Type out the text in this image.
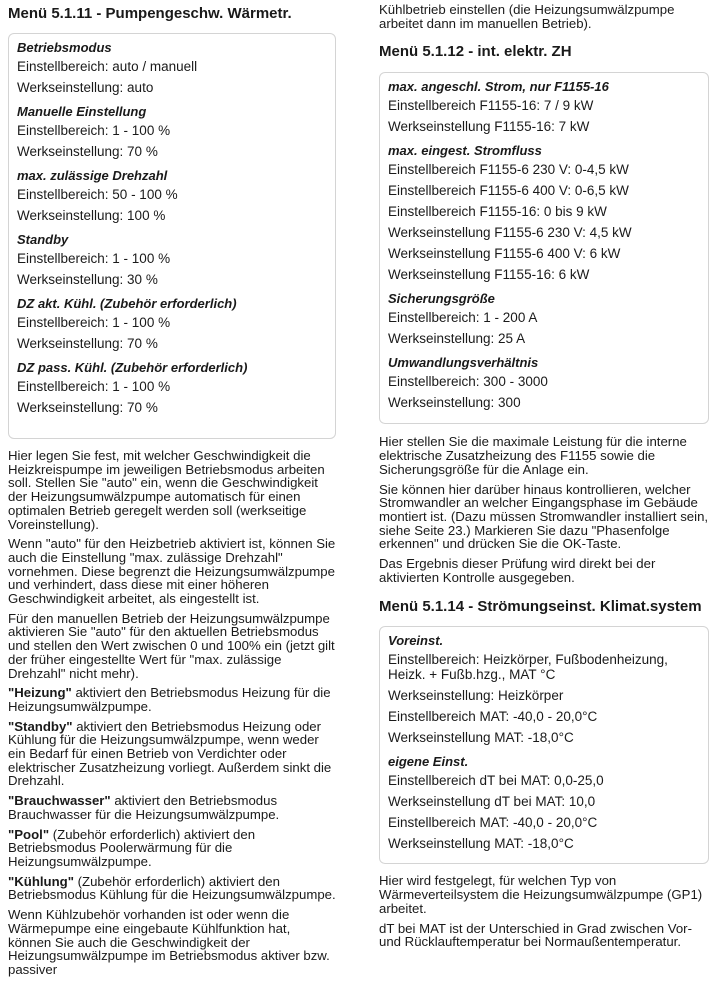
Menü 5.1.11 - Pumpengeschw. Wärmetr.
Betriebsmodus
Einstellbereich: auto / manuell
Werkseinstellung: auto
Manuelle Einstellung
Einstellbereich: 1 - 100 %
Werkseinstellung: 70 %
max. zulässige Drehzahl
Einstellbereich: 50 - 100 %
Werkseinstellung: 100 %
Standby
Einstellbereich: 1 - 100 %
Werkseinstellung: 30 %
DZ akt. Kühl. (Zubehör erforderlich)
Einstellbereich: 1 - 100 %
Werkseinstellung: 70 %
DZ pass. Kühl. (Zubehör erforderlich)
Einstellbereich: 1 - 100 %
Werkseinstellung: 70 %

Hier legen Sie fest, mit welcher Geschwindigkeit die Heizkreispumpe im jeweiligen Betriebsmodus arbeiten soll. Stellen Sie "auto" ein, wenn die Geschwindigkeit der Heizungsumwälzpumpe automatisch für einen optimalen Betrieb geregelt werden soll (werkseitige Voreinstellung).

Wenn "auto" für den Heizbetrieb aktiviert ist, können Sie auch die Einstellung "max. zulässige Drehzahl" vornehmen. Diese begrenzt die Heizungsumwälzpumpe und verhindert, dass diese mit einer höheren Geschwindigkeit arbeitet, als eingestellt ist.

Für den manuellen Betrieb der Heizungsumwälzpumpe aktivieren Sie "auto" für den aktuellen Betriebsmodus und stellen den Wert zwischen 0 und 100% ein (jetzt gilt der früher eingestellte Wert für "max. zulässige Drehzahl" nicht mehr).

"Heizung" aktiviert den Betriebsmodus Heizung für die Heizungsumwälzpumpe.

"Standby" aktiviert den Betriebsmodus Heizung oder Kühlung für die Heizungsumwälzpumpe, wenn weder ein Bedarf für einen Betrieb von Verdichter oder elektrischer Zusatzheizung vorliegt. Außerdem sinkt die Drehzahl.

"Brauchwasser" aktiviert den Betriebsmodus Brauchwasser für die Heizungsumwälzpumpe.

"Pool" (Zubehör erforderlich) aktiviert den Betriebsmodus Poolerwärmung für die Heizungsumwälzpumpe.

"Kühlung" (Zubehör erforderlich) aktiviert den Betriebsmodus Kühlung für die Heizungsumwälzpumpe.

Wenn Kühlzubehör vorhanden ist oder wenn die Wärmepumpe eine eingebaute Kühlfunktion hat, können Sie auch die Geschwindigkeit der Heizungsumwälzpumpe im Betriebsmodus aktiver bzw. passiver

Kühlbetrieb einstellen (die Heizungsumwälzpumpe arbeitet dann im manuellen Betrieb).

Menü 5.1.12 - int. elektr. ZH
max. angeschl. Strom, nur F1155-16
Einstellbereich F1155-16: 7 / 9 kW
Werkseinstellung F1155-16: 7 kW
max. eingest. Stromfluss
Einstellbereich F1155-6 230 V: 0-4,5 kW
Einstellbereich F1155-6 400 V: 0-6,5 kW
Einstellbereich F1155-16: 0 bis 9 kW
Werkseinstellung F1155-6 230 V: 4,5 kW
Werkseinstellung F1155-6 400 V: 6 kW
Werkseinstellung F1155-16: 6 kW
Sicherungsgröße
Einstellbereich: 1 - 200 A
Werkseinstellung: 25 A
Umwandlungsverhältnis
Einstellbereich: 300 - 3000
Werkseinstellung: 300

Hier stellen Sie die maximale Leistung für die interne elektrische Zusatzheizung des F1155 sowie die Sicherungsgröße für die Anlage ein.

Sie können hier darüber hinaus kontrollieren, welcher Stromwandler an welcher Eingangsphase im Gebäude montiert ist. (Dazu müssen Stromwandler installiert sein, siehe Seite 23.) Markieren Sie dazu "Phasenfolge erkennen" und drücken Sie die OK-Taste.

Das Ergebnis dieser Prüfung wird direkt bei der aktivierten Kontrolle ausgegeben.

Menü 5.1.14 - Strömungseinst. Klimat.system
Voreinst.
Einstellbereich: Heizkörper, Fußbodenheizung, Heizk. + Fußb.hzg., MAT °C
Werkseinstellung: Heizkörper
Einstellbereich MAT: -40,0 - 20,0°C
Werkseinstellung MAT: -18,0°C
eigene Einst.
Einstellbereich dT bei MAT: 0,0-25,0
Werkseinstellung dT bei MAT: 10,0
Einstellbereich MAT: -40,0 - 20,0°C
Werkseinstellung MAT: -18,0°C

Hier wird festgelegt, für welchen Typ von Wärmeverteilsystem die Heizungsumwälzpumpe (GP1) arbeitet.

dT bei MAT ist der Unterschied in Grad zwischen Vor- und Rücklauftemperatur bei Normaußentemperatur.
